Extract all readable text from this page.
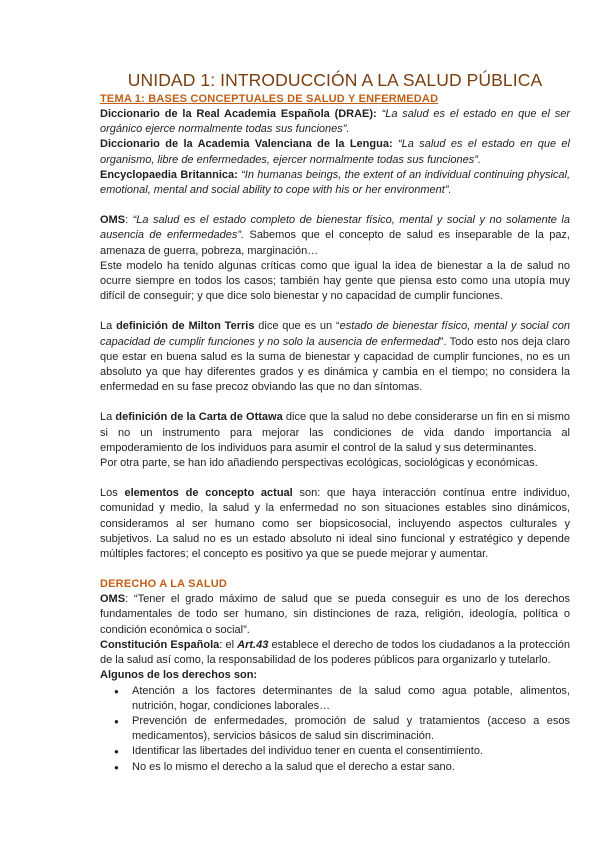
UNIDAD 1: INTRODUCCIÓN A LA SALUD PÚBLICA
TEMA 1: BASES CONCEPTUALES DE SALUD Y ENFERMEDAD

Diccionario de la Real Academia Española (DRAE): “La salud es el estado en que el ser orgánico ejerce normalmente todas sus funciones”.

Diccionario de la Academia Valenciana de la Lengua: “La salud es el estado en que el organismo, libre de enfermedades, ejercer normalmente todas sus funciones”.

Encyclopaedia Britannica: “In humanas beings, the extent of an individual continuing physical, emotional, mental and social ability to cope with his or her environment”.

OMS: “La salud es el estado completo de bienestar físico, mental y social y no solamente la ausencia de enfermedades”. Sabemos que el concepto de salud es inseparable de la paz, amenaza de guerra, pobreza, marginación…

Este modelo ha tenido algunas críticas como que igual la idea de bienestar a la de salud no ocurre siempre en todos los casos; también hay gente que piensa esto como una utopía muy difícil de conseguir; y que dice solo bienestar y no capacidad de cumplir funciones.

La definición de Milton Terris dice que es un “estado de bienestar físico, mental y social con capacidad de cumplir funciones y no solo la ausencia de enfermedad”. Todo esto nos deja claro que estar en buena salud es la suma de bienestar y capacidad de cumplir funciones, no es un absoluto ya que hay diferentes grados y es dinámica y cambia en el tiempo; no considera la enfermedad en su fase precoz obviando las que no dan síntomas.

La definición de la Carta de Ottawa dice que la salud no debe considerarse un fin en si mismo si no un instrumento para mejorar las condiciones de vida dando importancia al empoderamiento de los individuos para asumir el control de la salud y sus determinantes.

Por otra parte, se han ido añadiendo perspectivas ecológicas, sociológicas y económicas.

Los elementos de concepto actual son: que haya interacción contínua entre individuo, comunidad y medio, la salud y la enfermedad no son situaciones estables sino dinámicos, consideramos al ser humano como ser biopsicosocial, incluyendo aspectos culturales y subjetivos. La salud no es un estado absoluto ni ideal sino funcional y estratégico y depende múltiples factores; el concepto es positivo ya que se puede mejorar y aumentar.

DERECHO A LA SALUD

OMS: “Tener el grado máximo de salud que se pueda conseguir es uno de los derechos fundamentales de todo ser humano, sin distinciones de raza, religión, ideología, política o condición económica o social”.

Constitución Española: el Art.43 establece el derecho de todos los ciudadanos a la protección de la salud así como, la responsabilidad de los poderes públicos para organizarlo y tutelarlo.

Algunos de los derechos son:

● Atención a los factores determinantes de la salud como agua potable, alimentos, nutrición, hogar, condiciones laborales…
● Prevención de enfermedades, promoción de salud y tratamientos (acceso a esos medicamentos), servicios básicos de salud sin discriminación.
● Identificar las libertades del individuo tener en cuenta el consentimiento.
● No es lo mismo el derecho a la salud que el derecho a estar sano.
